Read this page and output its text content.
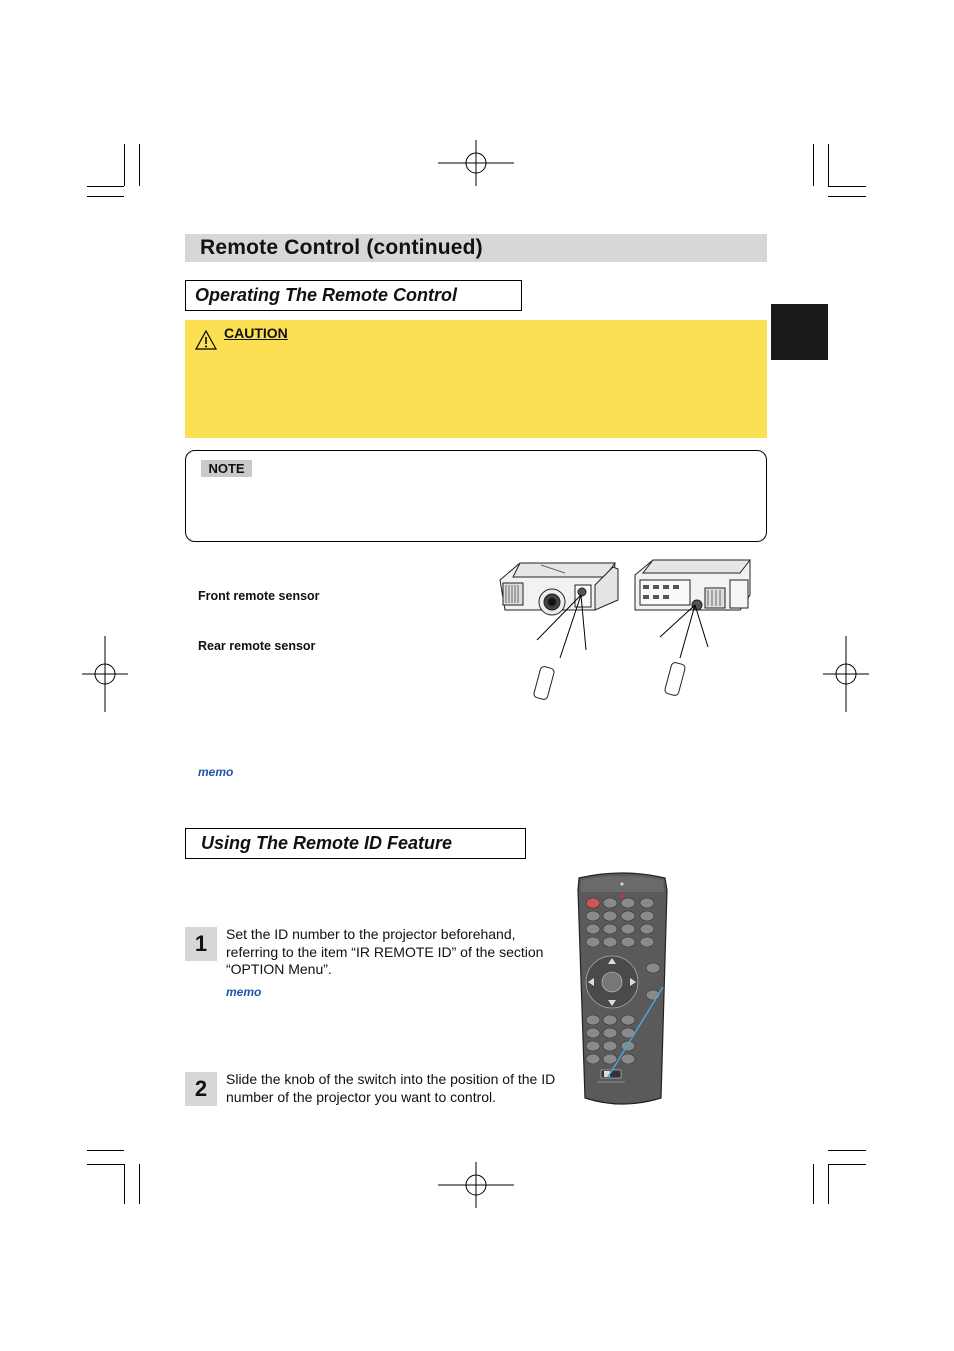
Remote Control (continued)
Operating The Remote Control
CAUTION
NOTE
Front remote sensor
Rear remote sensor
memo
Using The Remote ID Feature
1	Set the ID number to the projector beforehand, referring to the item “IR REMOTE ID” of the section “OPTION Menu”.
memo
2	Slide the knob of the switch into the position of the ID number of the projector you want to control.
